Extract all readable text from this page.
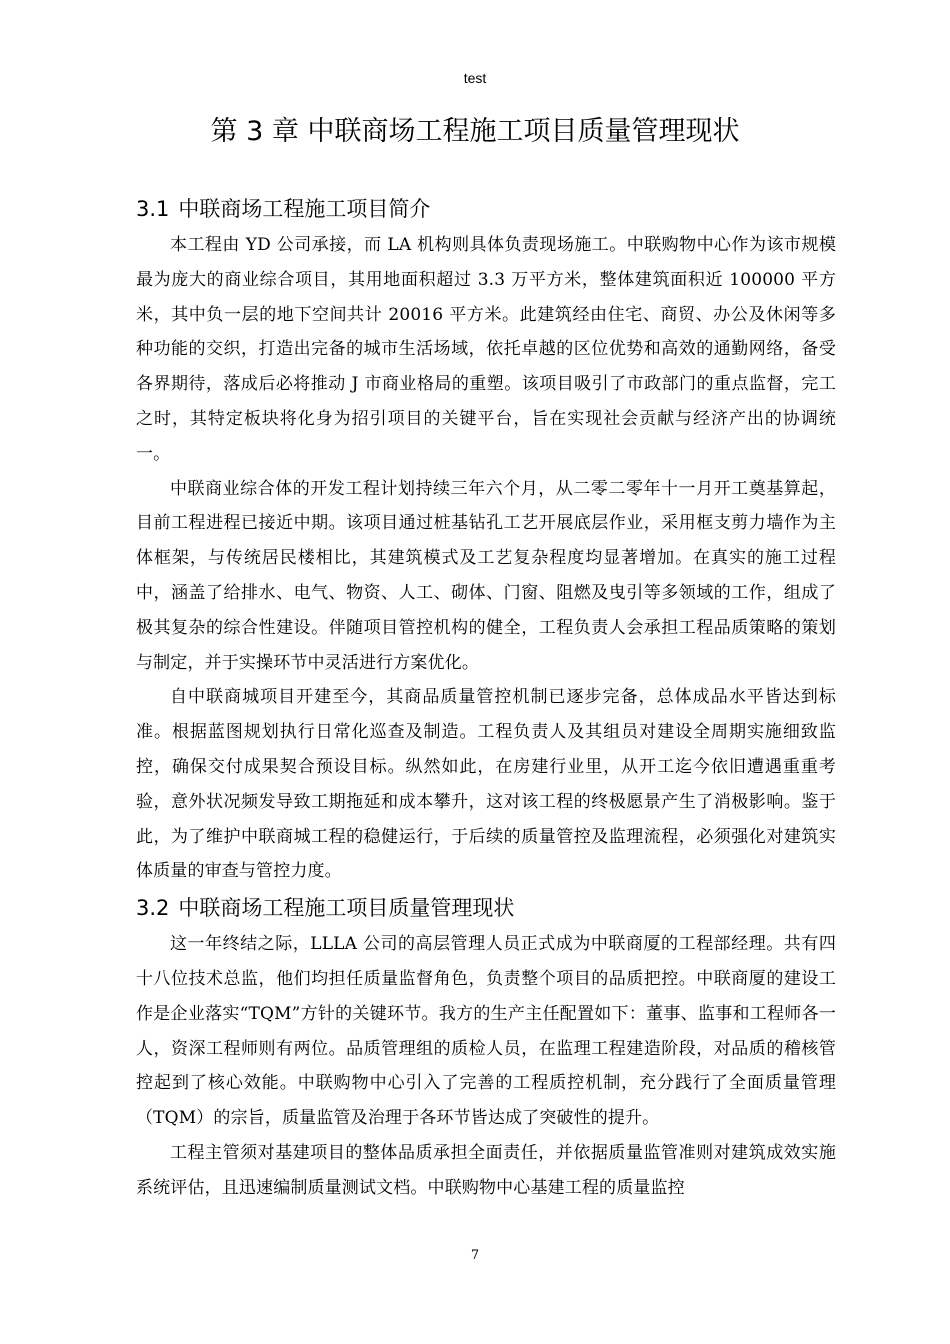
test
第 3 章 中联商场工程施工项目质量管理现状
3.1 中联商场工程施工项目简介

本工程由 YD 公司承接，而 LA 机构则具体负责现场施工。中联购物中心作为该市规模最为庞大的商业综合项目，其用地面积超过 3.3 万平方米，整体建筑面积近 100000 平方米，其中负一层的地下空间共计 20016 平方米。此建筑经由住宅、商贸、办公及休闲等多种功能的交织，打造出完备的城市生活场域，依托卓越的区位优势和高效的通勤网络，备受各界期待，落成后必将推动 J 市商业格局的重塑。该项目吸引了市政部门的重点监督，完工之时，其特定板块将化身为招引项目的关键平台，旨在实现社会贡献与经济产出的协调统一。

中联商业综合体的开发工程计划持续三年六个月，从二零二零年十一月开工奠基算起，目前工程进程已接近中期。该项目通过桩基钻孔工艺开展底层作业，采用框支剪力墙作为主体框架，与传统居民楼相比，其建筑模式及工艺复杂程度均显著增加。在真实的施工过程中，涵盖了给排水、电气、物资、人工、砌体、门窗、阻燃及曳引等多领域的工作，组成了极其复杂的综合性建设。伴随项目管控机构的健全，工程负责人会承担工程品质策略的策划与制定，并于实操环节中灵活进行方案优化。

自中联商城项目开建至今，其商品质量管控机制已逐步完备，总体成品水平皆达到标准。根据蓝图规划执行日常化巡查及制造。工程负责人及其组员对建设全周期实施细致监控，确保交付成果契合预设目标。纵然如此，在房建行业里，从开工迄今依旧遭遇重重考验，意外状况频发导致工期拖延和成本攀升，这对该工程的终极愿景产生了消极影响。鉴于此，为了维护中联商城工程的稳健运行，于后续的质量管控及监理流程，必须强化对建筑实体质量的审查与管控力度。

3.2 中联商场工程施工项目质量管理现状

这一年终结之际，LLLA 公司的高层管理人员正式成为中联商厦的工程部经理。共有四十八位技术总监，他们均担任质量监督角色，负责整个项目的品质把控。中联商厦的建设工作是企业落实“TQM”方针的关键环节。我方的生产主任配置如下：董事、监事和工程师各一人，资深工程师则有两位。品质管理组的质检人员，在监理工程建造阶段，对品质的稽核管控起到了核心效能。中联购物中心引入了完善的工程质控机制，充分践行了全面质量管理（TQM）的宗旨，质量监管及治理于各环节皆达成了突破性的提升。

工程主管须对基建项目的整体品质承担全面责任，并依据质量监管准则对建筑成效实施系统评估，且迅速编制质量测试文档。中联购物中心基建工程的质量监控

7
